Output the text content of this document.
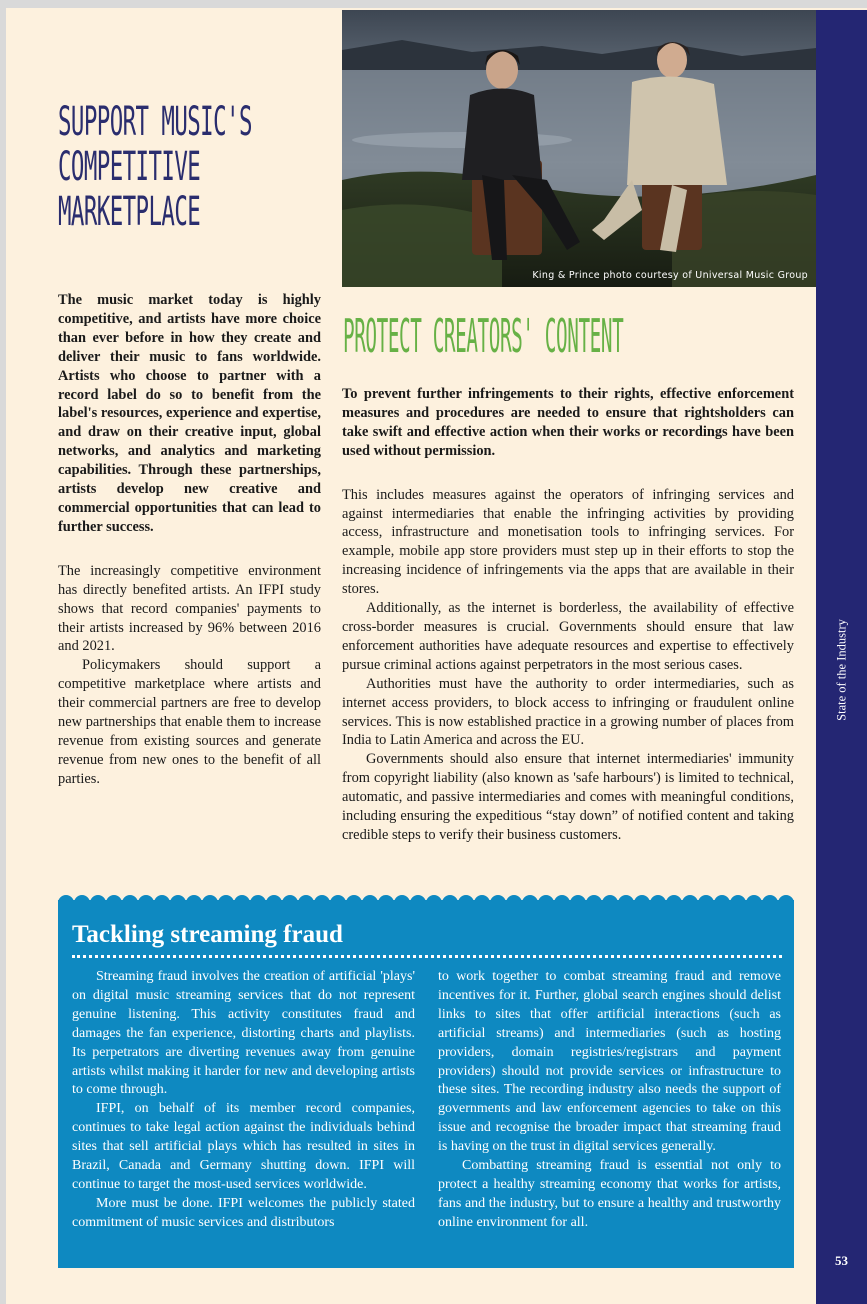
State of the Industry
53
King & Prince photo courtesy of Universal Music Group
SUPPORT MUSIC'S
COMPETITIVE
MARKETPLACE

The music market today is highly competitive, and artists have more choice than ever before in how they create and deliver their music to fans worldwide. Artists who choose to partner with a record label do so to benefit from the label's resources, experience and expertise, and draw on their creative input, global networks, and analytics and marketing capabilities. Through these partnerships, artists develop new creative and commercial opportunities that can lead to further success.

The increasingly competitive environment has directly benefited artists. An IFPI study shows that record companies' payments to their artists increased by 96% between 2016 and 2021.

Policymakers should support a competitive marketplace where artists and their commercial partners are free to develop new partnerships that enable them to increase revenue from existing sources and generate revenue from new ones to the benefit of all parties.

PROTECT CREATORS' CONTENT

To prevent further infringements to their rights, effective enforcement measures and procedures are needed to ensure that rightsholders can take swift and effective action when their works or recordings have been used without permission.

This includes measures against the operators of infringing services and against intermediaries that enable the infringing activities by providing access, infrastructure and monetisation tools to infringing services. For example, mobile app store providers must step up in their efforts to stop the increasing incidence of infringements via the apps that are available in their stores.

Additionally, as the internet is borderless, the availability of effective cross-border measures is crucial. Governments should ensure that law enforcement authorities have adequate resources and expertise to effectively pursue criminal actions against perpetrators in the most serious cases.

Authorities must have the authority to order intermediaries, such as internet access providers, to block access to infringing or fraudulent online services. This is now established practice in a growing number of places from India to Latin America and across the EU.

Governments should also ensure that internet intermediaries' immunity from copyright liability (also known as 'safe harbours') is limited to technical, automatic, and passive intermediaries and comes with meaningful conditions, including ensuring the expeditious “stay down” of notified content and taking credible steps to verify their business customers.

Tackling streaming fraud

Streaming fraud involves the creation of artificial 'plays' on digital music streaming services that do not represent genuine listening. This activity constitutes fraud and damages the fan experience, distorting charts and playlists. Its perpetrators are diverting revenues away from genuine artists whilst making it harder for new and developing artists to come through.

IFPI, on behalf of its member record companies, continues to take legal action against the individuals behind sites that sell artificial plays which has resulted in sites in Brazil, Canada and Germany shutting down. IFPI will continue to target the most-used services worldwide.

More must be done. IFPI welcomes the publicly stated commitment of music services and distributors

to work together to combat streaming fraud and remove incentives for it. Further, global search engines should delist links to sites that offer artificial interactions (such as artificial streams) and intermediaries (such as hosting providers, domain registries/registrars and payment providers) should not provide services or infrastructure to these sites. The recording industry also needs the support of governments and law enforcement agencies to take on this issue and recognise the broader impact that streaming fraud is having on the trust in digital services generally.

Combatting streaming fraud is essential not only to protect a healthy streaming economy that works for artists, fans and the industry, but to ensure a healthy and trustworthy online environment for all.
